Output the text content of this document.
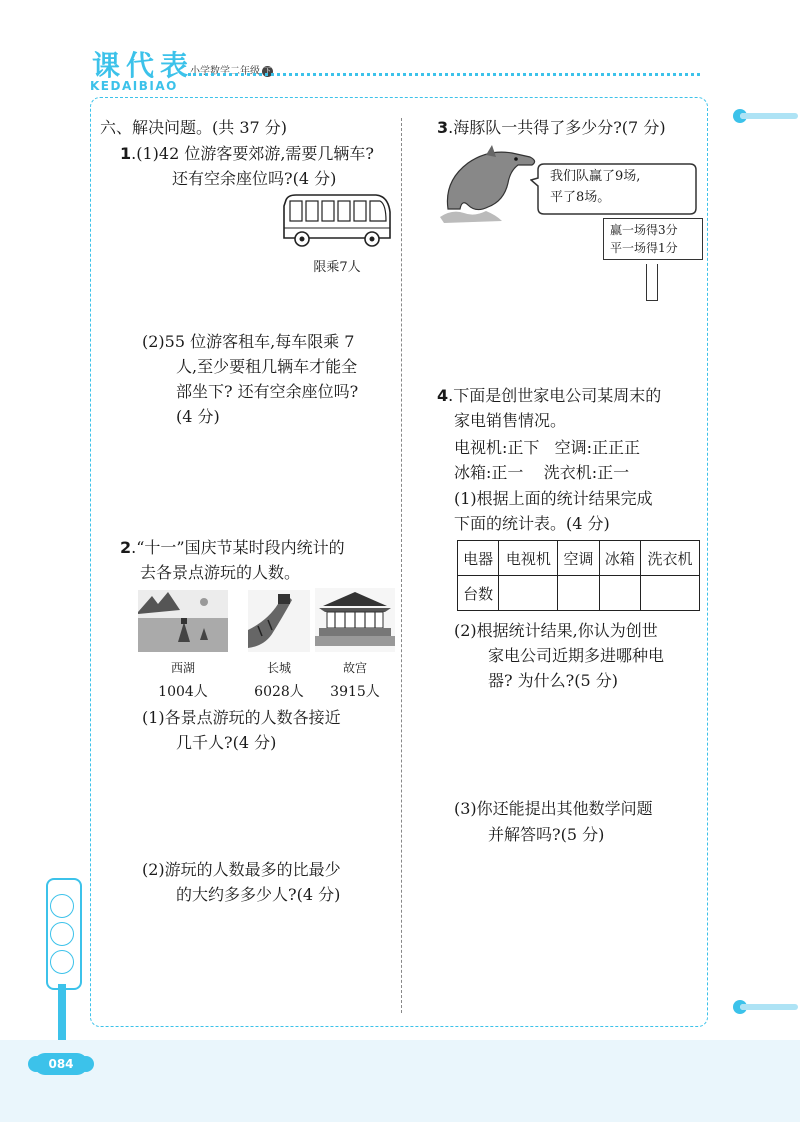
课代表
KEDAIBIAO
小学数学二年级 下
084
六、解决问题。(共 37 分)
1.(1)42 位游客要郊游,需要几辆车?
还有空余座位吗?(4 分)
限乘7人
(2)55 位游客租车,每车限乘 7
人,至少要租几辆车才能全
部坐下? 还有空余座位吗?
(4 分)
2.“十一”国庆节某时段内统计的
去各景点游玩的人数。
西湖	长城	故宫
1004人	6028人	3915人
(1)各景点游玩的人数各接近
几千人?(4 分)
(2)游玩的人数最多的比最少
的大约多多少人?(4 分)
3.海豚队一共得了多少分?(7 分)
我们队赢了9场,
平了8场。
赢一场得3分
平一场得1分
4.下面是创世家电公司某周末的
家电销售情况。
电视机:正下   空调:正正正
冰箱:正一    洗衣机:正一
(1)根据上面的统计结果完成
下面的统计表。(4 分)
电器	电视机	空调	冰箱	洗衣机
台数				
(2)根据统计结果,你认为创世
家电公司近期多进哪种电
器? 为什么?(5 分)
(3)你还能提出其他数学问题
并解答吗?(5 分)
